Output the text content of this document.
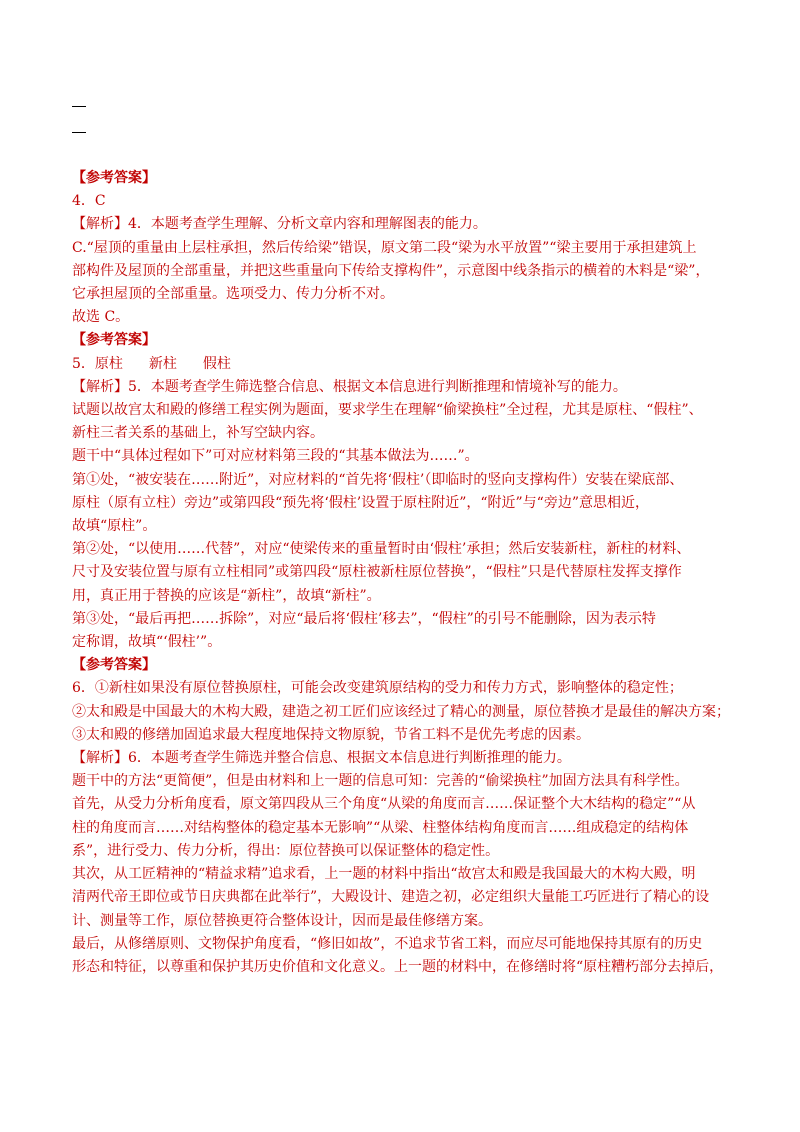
【参考答案】

4．C

【解析】4．本题考查学生理解、分析文章内容和理解图表的能力。

C.“屋顶的重量由上层柱承担，然后传给梁”错误，原文第二段“梁为水平放置”“梁主要用于承担建筑上

部构件及屋顶的全部重量，并把这些重量向下传给支撑构件”，示意图中线条指示的横着的木料是“梁”，

它承担屋顶的全部重量。选项受力、传力分析不对。

故选 C。

【参考答案】

5．原柱 新柱 假柱

【解析】5．本题考查学生筛选整合信息、根据文本信息进行判断推理和情境补写的能力。

试题以故宫太和殿的修缮工程实例为题面，要求学生在理解“偷梁换柱”全过程，尤其是原柱、“假柱”、

新柱三者关系的基础上，补写空缺内容。

题干中“具体过程如下”可对应材料第三段的“其基本做法为……”。

第①处，“被安装在……附近”，对应材料的“首先将‘假柱’（即临时的竖向支撑构件）安装在梁底部、

原柱（原有立柱）旁边”或第四段“预先将‘假柱’设置于原柱附近”，“附近”与“旁边”意思相近，

故填“原柱”。

第②处，“以使用……代替”，对应“使梁传来的重量暂时由‘假柱’承担；然后安装新柱，新柱的材料、

尺寸及安装位置与原有立柱相同”或第四段“原柱被新柱原位替换”，“假柱”只是代替原柱发挥支撑作

用，真正用于替换的应该是“新柱”，故填“新柱”。

第③处，“最后再把……拆除”，对应“最后将‘假柱’移去”，“假柱”的引号不能删除，因为表示特

定称谓，故填“‘假柱’”。

【参考答案】

6．①新柱如果没有原位替换原柱，可能会改变建筑原结构的受力和传力方式，影响整体的稳定性；

②太和殿是中国最大的木构大殿，建造之初工匠们应该经过了精心的测量，原位替换才是最佳的解决方案；

③太和殿的修缮加固追求最大程度地保持文物原貌，节省工料不是优先考虑的因素。

【解析】6．本题考查学生筛选并整合信息、根据文本信息进行判断推理的能力。

题干中的方法“更简便”，但是由材料和上一题的信息可知：完善的“偷梁换柱”加固方法具有科学性。

首先，从受力分析角度看，原文第四段从三个角度“从梁的角度而言……保证整个大木结构的稳定”“从

柱的角度而言……对结构整体的稳定基本无影响”“从梁、柱整体结构角度而言……组成稳定的结构体

系”，进行受力、传力分析，得出：原位替换可以保证整体的稳定性。

其次，从工匠精神的“精益求精”追求看，上一题的材料中指出“故宫太和殿是我国最大的木构大殿，明

清两代帝王即位或节日庆典都在此举行”，大殿设计、建造之初，必定组织大量能工巧匠进行了精心的设

计、测量等工作，原位替换更符合整体设计，因而是最佳修缮方案。

最后，从修缮原则、文物保护角度看，“修旧如故”，不追求节省工料，而应尽可能地保持其原有的历史

形态和特征，以尊重和保护其历史价值和文化意义。上一题的材料中，在修缮时将“原柱糟朽部分去掉后，
